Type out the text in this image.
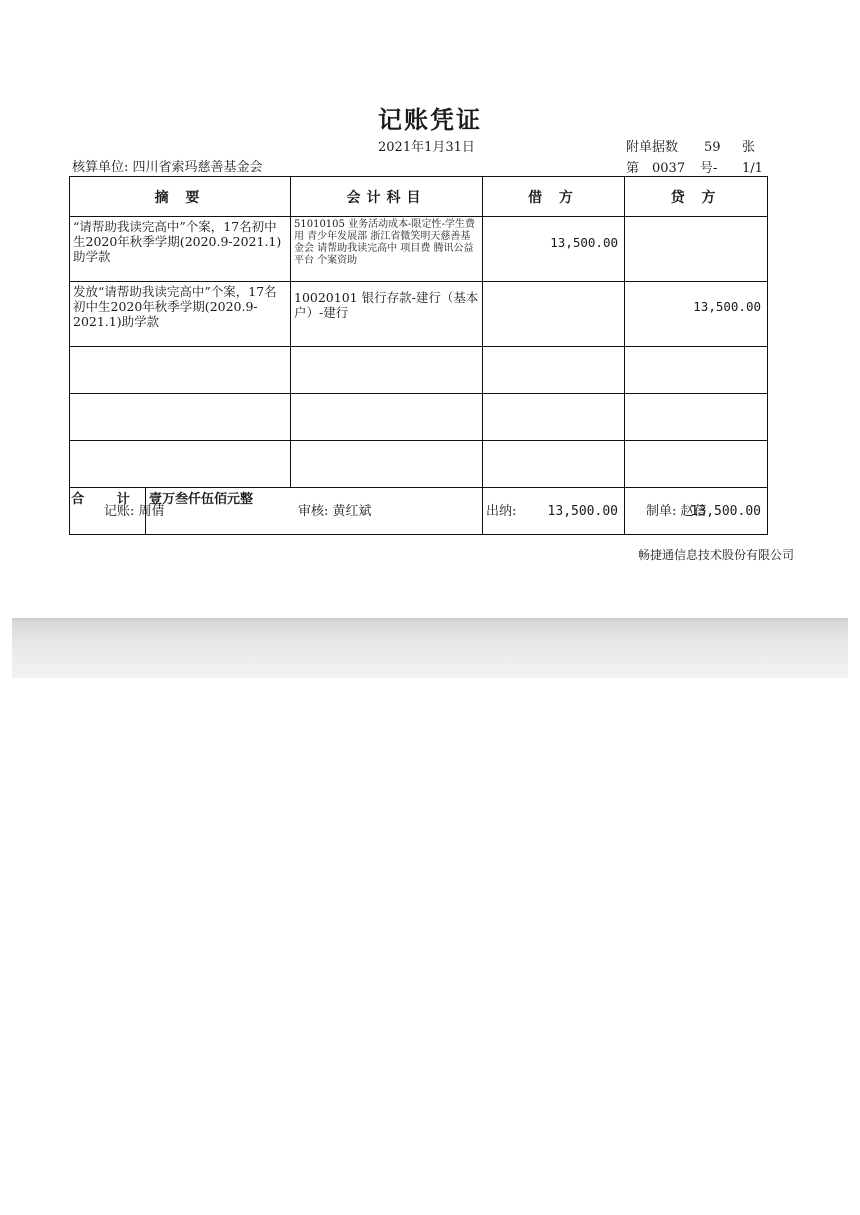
记账凭证
2021年1月31日	附单据数 59 张
核算单位: 四川省索玛慈善基金会	第 0037 号- 1/1
摘 要		会计科目	借 方	贷 方
“请帮助我读完高中”个案，17名初中生2020年秋季学期(2020.9-2021.1)助学款		51010105 业务活动成本-限定性-学生费用 青少年发展部 浙江省微笑明天慈善基金会 请帮助我读完高中 项目费 腾讯公益平台 个案资助	13,500.00	
发放“请帮助我读完高中”个案，17名初中生2020年秋季学期(2020.9-2021.1)助学款		10020101 银行存款-建行（基本户）-建行		13,500.00

合 计	壹万叁仟伍佰元整		13,500.00	13,500.00
记账: 周倩	审核: 黄红斌	出纳:	制单: 赵蓓
畅捷通信息技术股份有限公司
